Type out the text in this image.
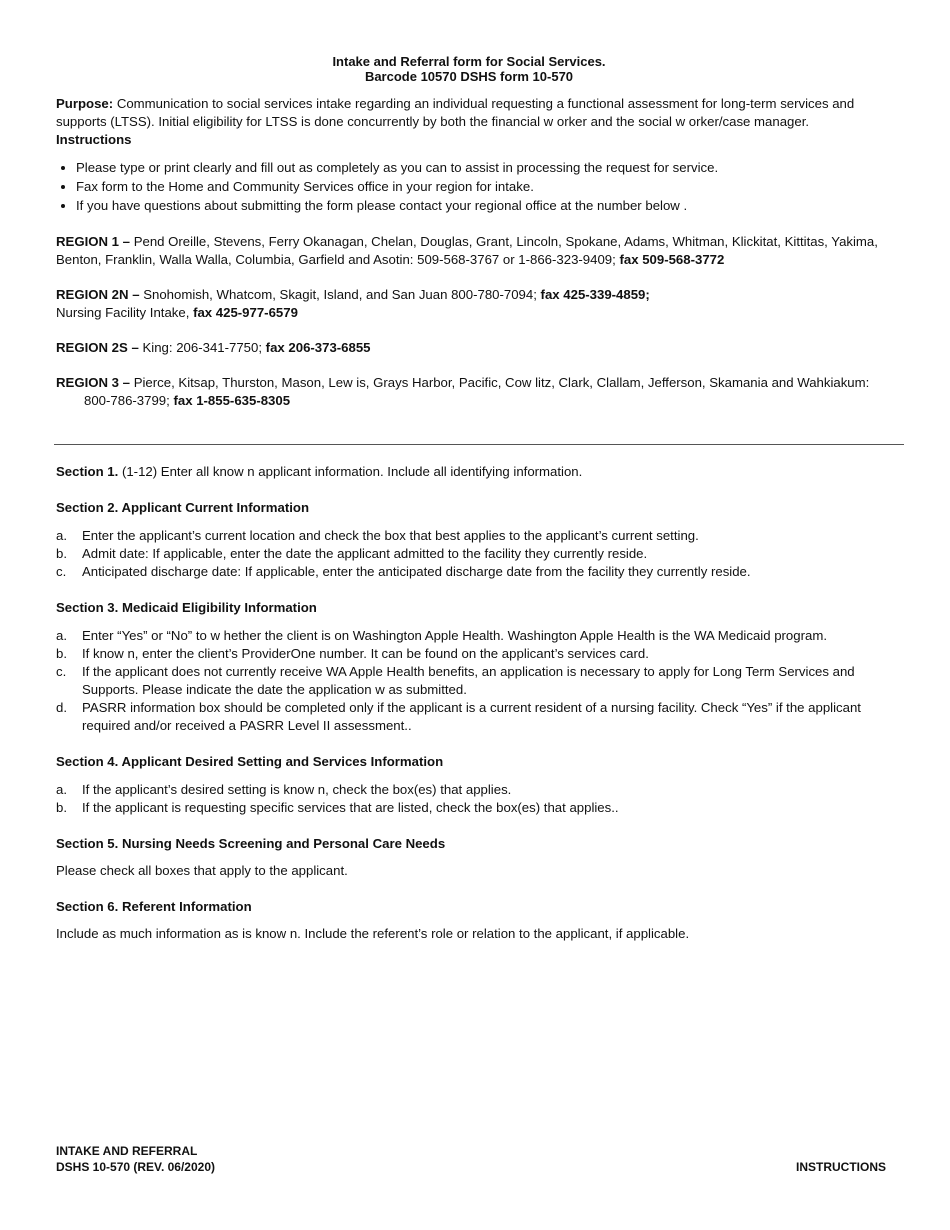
Intake and Referral form for Social Services.

Barcode 10570 DSHS form 10-570

Purpose: Communication to social services intake regarding an individual requesting a functional assessment for long-term services and supports (LTSS). Initial eligibility for LTSS is done concurrently by both the financial w orker and the social w orker/case manager.

Instructions

• Please type or print clearly and fill out as completely as you can to assist in processing the request for service.
• Fax form to the Home and Community Services office in your region for intake.
• If you have questions about submitting the form please contact your regional office at the number below .

REGION 1 – Pend Oreille, Stevens, Ferry Okanagan, Chelan, Douglas, Grant, Lincoln, Spokane, Adams, Whitman, Klickitat, Kittitas, Yakima, Benton, Franklin, Walla Walla, Columbia, Garfield and Asotin: 509-568-3767 or 1-866-323-9409; fax 509-568-3772

REGION 2N – Snohomish, Whatcom, Skagit, Island, and San Juan 800-780-7094; fax 425-339-4859;
Nursing Facility Intake, fax 425-977-6579

REGION 2S – King: 206-341-7750; fax 206-373-6855

REGION 3 – Pierce, Kitsap, Thurston, Mason, Lew is, Grays Harbor, Pacific, Cow litz, Clark, Clallam, Jefferson, Skamania and Wahkiakum: 800-786-3799; fax 1-855-635-8305

Section 1. (1-12) Enter all know n applicant information. Include all identifying information.

Section 2. Applicant Current Information

a. Enter the applicant’s current location and check the box that best applies to the applicant’s current setting.
b. Admit date: If applicable, enter the date the applicant admitted to the facility they currently reside.
c. Anticipated discharge date: If applicable, enter the anticipated discharge date from the facility they currently reside.

Section 3. Medicaid Eligibility Information

a. Enter “Yes” or “No” to w hether the client is on Washington Apple Health. Washington Apple Health is the WA Medicaid program.
b. If know n, enter the client’s ProviderOne number. It can be found on the applicant’s services card.
c. If the applicant does not currently receive WA Apple Health benefits, an application is necessary to apply for Long Term Services and Supports. Please indicate the date the application w as submitted.
d. PASRR information box should be completed only if the applicant is a current resident of a nursing facility. Check “Yes” if the applicant required and/or received a PASRR Level II assessment..

Section 4. Applicant Desired Setting and Services Information

a. If the applicant’s desired setting is know n, check the box(es) that applies.
b. If the applicant is requesting specific services that are listed, check the box(es) that applies..

Section 5. Nursing Needs Screening and Personal Care Needs

Please check all boxes that apply to the applicant.

Section 6. Referent Information

Include as much information as is know n. Include the referent’s role or relation to the applicant, if applicable.

INTAKE AND REFERRAL
DSHS 10-570 (REV. 06/2020)	INSTRUCTIONS
